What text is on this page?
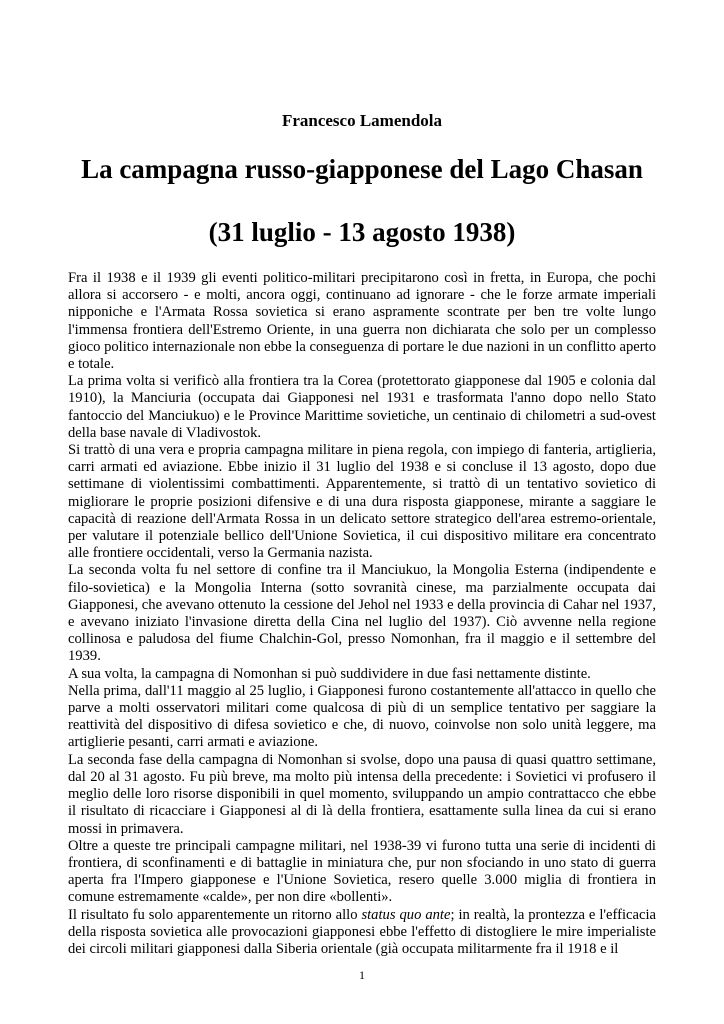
Francesco Lamendola
La campagna russo-giapponese del Lago Chasan
(31 luglio - 13 agosto 1938)

Fra il 1938 e il 1939 gli eventi politico-militari precipitarono così in fretta, in Europa, che pochi allora si accorsero - e molti, ancora oggi, continuano ad ignorare - che le forze armate imperiali nipponiche e l'Armata Rossa sovietica si erano aspramente scontrate per ben tre volte lungo l'immensa frontiera dell'Estremo Oriente, in una guerra non dichiarata che solo per un complesso gioco politico internazionale non ebbe la conseguenza di portare le due nazioni in un conflitto aperto e totale.

La prima volta si verificò alla frontiera tra la Corea (protettorato giapponese dal 1905 e colonia dal 1910), la Manciuria (occupata dai Giapponesi nel 1931 e trasformata l'anno dopo nello Stato fantoccio del Manciukuo) e le Province Marittime sovietiche, un centinaio di chilometri a sud-ovest della base navale di Vladivostok.

Si trattò di una vera e propria campagna militare in piena regola, con impiego di fanteria, artiglieria, carri armati ed aviazione. Ebbe inizio il 31 luglio del 1938 e si concluse il 13 agosto, dopo due settimane di violentissimi combattimenti. Apparentemente, si trattò di un tentativo sovietico di migliorare le proprie posizioni difensive e di una dura risposta giapponese, mirante a saggiare le capacità di reazione dell'Armata Rossa in un delicato settore strategico dell'area estremo-orientale, per valutare il potenziale bellico dell'Unione Sovietica, il cui dispositivo militare era concentrato alle frontiere occidentali, verso la Germania nazista.

La seconda volta fu nel settore di confine tra il Manciukuo, la Mongolia Esterna (indipendente e filo-sovietica) e la Mongolia Interna (sotto sovranità cinese, ma parzialmente occupata dai Giapponesi, che avevano ottenuto la cessione del Jehol nel 1933 e della provincia di Cahar nel 1937, e avevano iniziato l'invasione diretta della Cina nel luglio del 1937). Ciò avvenne nella regione collinosa e paludosa del fiume Chalchin-Gol, presso Nomonhan, fra il maggio e il settembre del 1939.

A sua volta, la campagna di Nomonhan si può suddividere in due fasi nettamente distinte.

Nella prima, dall'11 maggio al 25 luglio, i Giapponesi furono costantemente all'attacco in quello che parve a molti osservatori militari come qualcosa di più di un semplice tentativo per saggiare la reattività del dispositivo di difesa sovietico e che, di nuovo, coinvolse non solo unità leggere, ma artiglierie pesanti, carri armati e aviazione.

La seconda fase della campagna di Nomonhan si svolse, dopo una pausa di quasi quattro settimane, dal 20 al 31 agosto. Fu più breve, ma molto più intensa della precedente: i Sovietici vi profusero il meglio delle loro risorse disponibili in quel momento, sviluppando un ampio contrattacco che ebbe il risultato di ricacciare i Giapponesi al di là della frontiera, esattamente sulla linea da cui si erano mossi in primavera.

Oltre a queste tre principali campagne militari, nel 1938-39 vi furono tutta una serie di incidenti di frontiera, di sconfinamenti e di battaglie in miniatura che, pur non sfociando in uno stato di guerra aperta fra l'Impero giapponese e l'Unione Sovietica, resero quelle 3.000 miglia di frontiera in comune estremamente «calde», per non dire «bollenti».

Il risultato fu solo apparentemente un ritorno allo status quo ante; in realtà, la prontezza e l'efficacia della risposta sovietica alle provocazioni giapponesi ebbe l'effetto di distogliere le mire imperialiste dei circoli militari giapponesi dalla Siberia orientale (già occupata militarmente fra il 1918 e il

1
